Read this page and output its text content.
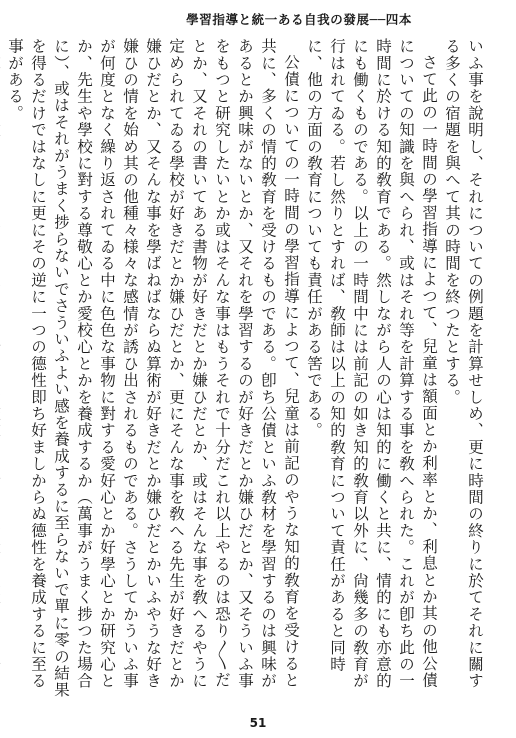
學習指導と統一ある自我の發展──四本

いふ事を說明し、それについての例題を計算せしめ、更に時間の終りに於てそれに關する多くの宿題を與へて其の時間を終つたとする。

さて此の一時間の學習指導によつて、兒童は額面とか利率とか、利息とか其の他公債についての知識を與へられ、或はそれ等を計算する事を敎へられた。これが卽ち此の一時間に於ける知的敎育である。然しながら人の心は知的に働くと共に、情的にも亦意的にも働くものである。以上の一時間中には前記の如き知的敎育以外に、尙幾多の敎育が行はれてゐる。若し然りとすれば、敎師は以上の知的敎育について責任があると同時に、他の方面の敎育についても責任がある筈である。

公債についての一時間の學習指導によつて、兒童は前記のやうな知的敎育を受けると共に、多くの情的敎育を受けるものである。卽ち公債といふ敎材を學習するのは興味があるとか興味がないとか、又それを學習するのが好きだとか嫌ひだとか、又そういふ事をもつと研究したいとか或はそんな事はもうそれで十分だこれ以上やるのは恐り〱だとか、又それの書いてある書物が好きだとか嫌ひだとか、或はそんな事を敎へるやうに定められてゐる學校が好きだとか嫌ひだとか、更にそんな事を敎へる先生が好きだとか嫌ひだとか、又そんな事を學ばねばならぬ算術が好きだとか嫌ひだとかいふやうな好き嫌ひの情を始め其の他種々様々な感情が誘ひ出されるものである。さうしてかういふ事が何度となく繰り返されてゐる中に色色な事物に對する愛好心とか好學心とか研究心とか、先生や學校に對する尊敬心とか愛校心とかを養成するか（萬事がうまく捗つた場合に）、或はそれがうまく捗らないでさういふよい感を養成するに至らないで單に零の結果を得るだけではなしに更にその逆に一つの德性即ち好ましからぬ德性を養成するに至る事がある。

51
